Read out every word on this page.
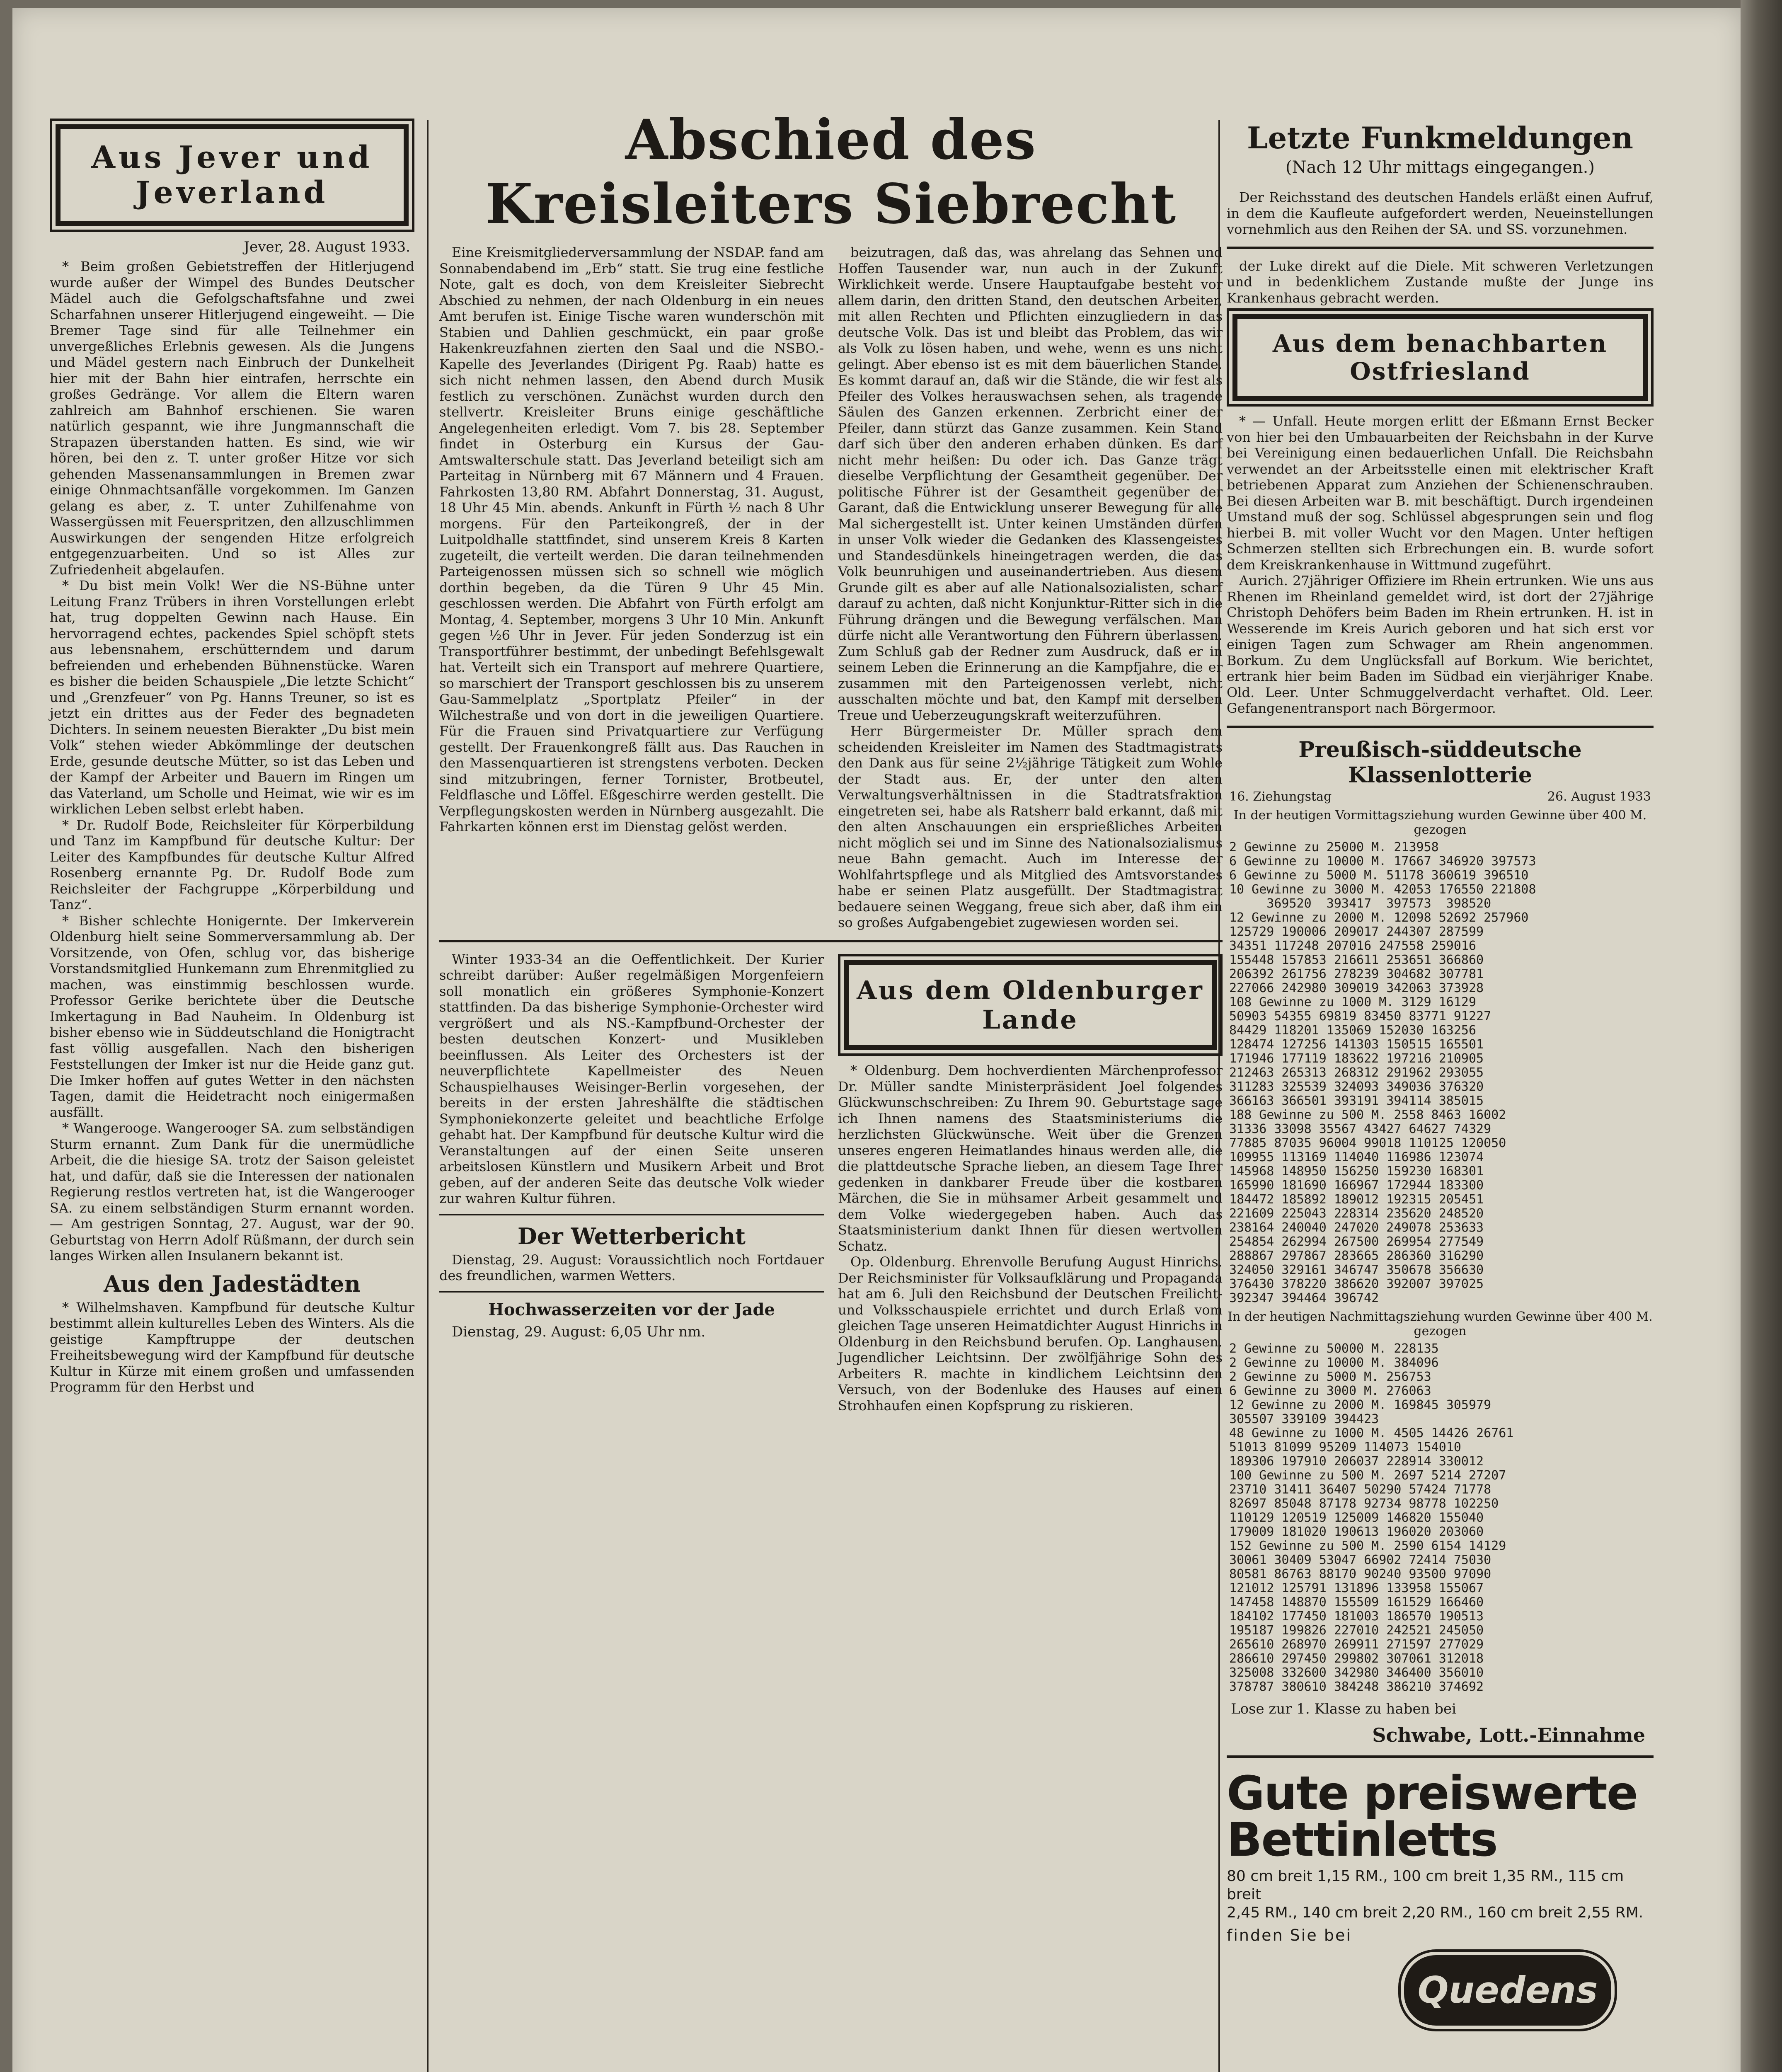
Aus Jever und Jeverland
Jever, 28. August 1933.

* Beim großen Gebietstreffen der Hitlerjugend wurde außer der Wimpel des Bundes Deutscher Mädel auch die Gefolgschaftsfahne und zwei Scharfahnen unserer Hitlerjugend eingeweiht. — Die Bremer Tage sind für alle Teilnehmer ein unvergeßliches Erlebnis gewesen. Als die Jungens und Mädel gestern nach Einbruch der Dunkelheit hier mit der Bahn hier eintrafen, herrschte ein großes Gedränge. Vor allem die Eltern waren zahlreich am Bahnhof erschienen. Sie waren natürlich gespannt, wie ihre Jungmannschaft die Strapazen überstanden hatten. Es sind, wie wir hören, bei den z. T. unter großer Hitze vor sich gehenden Massenansammlungen in Bremen zwar einige Ohnmachtsanfälle vorgekommen. Im Ganzen gelang es aber, z. T. unter Zuhilfenahme von Wassergüssen mit Feuerspritzen, den allzuschlimmen Auswirkungen der sengenden Hitze erfolgreich entgegenzuarbeiten. Und so ist Alles zur Zufriedenheit abgelaufen.

* Du bist mein Volk! Wer die NS-Bühne unter Leitung Franz Trübers in ihren Vorstellungen erlebt hat, trug doppelten Gewinn nach Hause. Ein hervorragend echtes, packendes Spiel schöpft stets aus lebensnahem, erschütterndem und darum befreienden und erhebenden Bühnenstücke. Waren es bisher die beiden Schauspiele „Die letzte Schicht“ und „Grenzfeuer“ von Pg. Hanns Treuner, so ist es jetzt ein drittes aus der Feder des begnadeten Dichters. In seinem neuesten Bierakter „Du bist mein Volk“ stehen wieder Abkömmlinge der deutschen Erde, gesunde deutsche Mütter, so ist das Leben und der Kampf der Arbeiter und Bauern im Ringen um das Vaterland, um Scholle und Heimat, wie wir es im wirklichen Leben selbst erlebt haben.

* Dr. Rudolf Bode, Reichsleiter für Körperbildung und Tanz im Kampfbund für deutsche Kultur: Der Leiter des Kampfbundes für deutsche Kultur Alfred Rosenberg ernannte Pg. Dr. Rudolf Bode zum Reichsleiter der Fachgruppe „Körperbildung und Tanz“.

* Bisher schlechte Honigernte. Der Imkerverein Oldenburg hielt seine Sommerversammlung ab. Der Vorsitzende, von Ofen, schlug vor, das bisherige Vorstandsmitglied Hunkemann zum Ehrenmitglied zu machen, was einstimmig beschlossen wurde. Professor Gerike berichtete über die Deutsche Imkertagung in Bad Nauheim. In Oldenburg ist bisher ebenso wie in Süddeutschland die Honigtracht fast völlig ausgefallen. Nach den bisherigen Feststellungen der Imker ist nur die Heide ganz gut. Die Imker hoffen auf gutes Wetter in den nächsten Tagen, damit die Heidetracht noch einigermaßen ausfällt.

* Wangerooge. Wangerooger SA. zum selbständigen Sturm ernannt. Zum Dank für die unermüdliche Arbeit, die die hiesige SA. trotz der Saison geleistet hat, und dafür, daß sie die Interessen der nationalen Regierung restlos vertreten hat, ist die Wangerooger SA. zu einem selbständigen Sturm ernannt worden. — Am gestrigen Sonntag, 27. August, war der 90. Geburtstag von Herrn Adolf Rüßmann, der durch sein langes Wirken allen Insulanern bekannt ist.

Aus den Jadestädten

* Wilhelmshaven. Kampfbund für deutsche Kultur bestimmt allein kulturelles Leben des Winters. Als die geistige Kampftruppe der deutschen Freiheitsbewegung wird der Kampfbund für deutsche Kultur in Kürze mit einem großen und umfassenden Programm für den Herbst und

Abschied des Kreisleiters Siebrecht

Eine Kreismitgliederversammlung der NSDAP. fand am Sonnabendabend im „Erb“ statt. Sie trug eine festliche Note, galt es doch, von dem Kreisleiter Siebrecht Abschied zu nehmen, der nach Oldenburg in ein neues Amt berufen ist. Einige Tische waren wunderschön mit Stabien und Dahlien geschmückt, ein paar große Hakenkreuzfahnen zierten den Saal und die NSBO.-Kapelle des Jeverlandes (Dirigent Pg. Raab) hatte es sich nicht nehmen lassen, den Abend durch Musik festlich zu verschönen. Zunächst wurden durch den stellvertr. Kreisleiter Bruns einige geschäftliche Angelegenheiten erledigt. Vom 7. bis 28. September findet in Osterburg ein Kursus der Gau-Amtswalterschule statt. Das Jeverland beteiligt sich am Parteitag in Nürnberg mit 67 Männern und 4 Frauen. Fahrkosten 13,80 RM. Abfahrt Donnerstag, 31. August, 18 Uhr 45 Min. abends. Ankunft in Fürth ½ nach 8 Uhr morgens. Für den Parteikongreß, der in der Luitpoldhalle stattfindet, sind unserem Kreis 8 Karten zugeteilt, die verteilt werden. Die daran teilnehmenden Parteigenossen müssen sich so schnell wie möglich dorthin begeben, da die Türen 9 Uhr 45 Min. geschlossen werden. Die Abfahrt von Fürth erfolgt am Montag, 4. September, morgens 3 Uhr 10 Min. Ankunft gegen ½6 Uhr in Jever. Für jeden Sonderzug ist ein Transportführer bestimmt, der unbedingt Befehlsgewalt hat. Verteilt sich ein Transport auf mehrere Quartiere, so marschiert der Transport geschlossen bis zu unserem Gau-Sammelplatz „Sportplatz Pfeiler“ in der Wilchestraße und von dort in die jeweiligen Quartiere. Für die Frauen sind Privatquartiere zur Verfügung gestellt. Der Frauenkongreß fällt aus. Das Rauchen in den Massenquartieren ist strengstens verboten. Decken sind mitzubringen, ferner Tornister, Brotbeutel, Feldflasche und Löffel. Eßgeschirre werden gestellt. Die Verpflegungskosten werden in Nürnberg ausgezahlt. Die Fahrkarten können erst im Dienstag gelöst werden.

beizutragen, daß das, was ahrelang das Sehnen und Hoffen Tausender war, nun auch in der Zukunft Wirklichkeit werde. Unsere Hauptaufgabe besteht vor allem darin, den dritten Stand, den deutschen Arbeiter, mit allen Rechten und Pflichten einzugliedern in das deutsche Volk. Das ist und bleibt das Problem, das wir als Volk zu lösen haben, und wehe, wenn es uns nicht gelingt. Aber ebenso ist es mit dem bäuerlichen Stande. Es kommt darauf an, daß wir die Stände, die wir fest als Pfeiler des Volkes herauswachsen sehen, als tragende Säulen des Ganzen erkennen. Zerbricht einer der Pfeiler, dann stürzt das Ganze zusammen. Kein Stand darf sich über den anderen erhaben dünken. Es darf nicht mehr heißen: Du oder ich. Das Ganze trägt dieselbe Verpflichtung der Gesamtheit gegenüber. Der politische Führer ist der Gesamtheit gegenüber der Garant, daß die Entwicklung unserer Bewegung für alle Mal sichergestellt ist. Unter keinen Umständen dürfen in unser Volk wieder die Gedanken des Klassengeistes und Standesdünkels hineingetragen werden, die das Volk beunruhigen und auseinandertrieben. Aus diesem Grunde gilt es aber auf alle Nationalsozialisten, scharf darauf zu achten, daß nicht Konjunktur-Ritter sich in die Führung drängen und die Bewegung verfälschen. Man dürfe nicht alle Verantwortung den Führern überlassen. Zum Schluß gab der Redner zum Ausdruck, daß er in seinem Leben die Erinnerung an die Kampfjahre, die er zusammen mit den Parteigenossen verlebt, nicht ausschalten möchte und bat, den Kampf mit derselben Treue und Ueberzeugungskraft weiterzuführen.

Herr Bürgermeister Dr. Müller sprach dem scheidenden Kreisleiter im Namen des Stadtmagistrats den Dank aus für seine 2½jährige Tätigkeit zum Wohle der Stadt aus. Er, der unter den alten Verwaltungsverhältnissen in die Stadtratsfraktion eingetreten sei, habe als Ratsherr bald erkannt, daß mit den alten Anschauungen ein ersprießliches Arbeiten nicht möglich sei und im Sinne des Nationalsozialismus neue Bahn gemacht. Auch im Interesse der Wohlfahrtspflege und als Mitglied des Amtsvorstandes habe er seinen Platz ausgefüllt. Der Stadtmagistrat bedauere seinen Weggang, freue sich aber, daß ihm ein so großes Aufgabengebiet zugewiesen worden sei.

Winter 1933-34 an die Oeffentlichkeit. Der Kurier schreibt darüber: Außer regelmäßigen Morgenfeiern soll monatlich ein größeres Symphonie-Konzert stattfinden. Da das bisherige Symphonie-Orchester wird vergrößert und als NS.-Kampfbund-Orchester der besten deutschen Konzert- und Musikleben beeinflussen. Als Leiter des Orchesters ist der neuverpflichtete Kapellmeister des Neuen Schauspielhauses Weisinger-Berlin vorgesehen, der bereits in der ersten Jahreshälfte die städtischen Symphoniekonzerte geleitet und beachtliche Erfolge gehabt hat. Der Kampfbund für deutsche Kultur wird die Veranstaltungen auf der einen Seite unseren arbeitslosen Künstlern und Musikern Arbeit und Brot geben, auf der anderen Seite das deutsche Volk wieder zur wahren Kultur führen.

Der Wetterbericht

Dienstag, 29. August: Voraussichtlich noch Fortdauer des freundlichen, warmen Wetters.

Hochwasserzeiten vor der Jade
Dienstag, 29. August: 6,05 Uhr nm.
Aus dem Oldenburger Lande

* Oldenburg. Dem hochverdienten Märchenprofessor Dr. Müller sandte Ministerpräsident Joel folgendes Glückwunschschreiben: Zu Ihrem 90. Geburtstage sage ich Ihnen namens des Staatsministeriums die herzlichsten Glückwünsche. Weit über die Grenzen unseres engeren Heimatlandes hinaus werden alle, die die plattdeutsche Sprache lieben, an diesem Tage Ihrer gedenken in dankbarer Freude über die kostbaren Märchen, die Sie in mühsamer Arbeit gesammelt und dem Volke wiedergegeben haben. Auch das Staatsministerium dankt Ihnen für diesen wertvollen Schatz.

Op. Oldenburg. Ehrenvolle Berufung August Hinrichs. Der Reichsminister für Volksaufklärung und Propaganda hat am 6. Juli den Reichsbund der Deutschen Freilicht- und Volksschauspiele errichtet und durch Erlaß vom gleichen Tage unseren Heimatdichter August Hinrichs in Oldenburg in den Reichsbund berufen. Op. Langhausen. Jugendlicher Leichtsinn. Der zwölfjährige Sohn des Arbeiters R. machte in kindlichem Leichtsinn den Versuch, von der Bodenluke des Hauses auf einen Strohhaufen einen Kopfsprung zu riskieren.

Letzte Funkmeldungen
(Nach 12 Uhr mittags eingegangen.)

Der Reichsstand des deutschen Handels erläßt einen Aufruf, in dem die Kaufleute aufgefordert werden, Neueinstellungen vornehmlich aus den Reihen der SA. und SS. vorzunehmen.

der Luke direkt auf die Diele. Mit schweren Verletzungen und in bedenklichem Zustande mußte der Junge ins Krankenhaus gebracht werden.

Aus dem benachbarten Ostfriesland

* — Unfall. Heute morgen erlitt der Eßmann Ernst Becker von hier bei den Umbauarbeiten der Reichsbahn in der Kurve bei Vereinigung einen bedauerlichen Unfall. Die Reichsbahn verwendet an der Arbeitsstelle einen mit elektrischer Kraft betriebenen Apparat zum Anziehen der Schienenschrauben. Bei diesen Arbeiten war B. mit beschäftigt. Durch irgendeinen Umstand muß der sog. Schlüssel abgesprungen sein und flog hierbei B. mit voller Wucht vor den Magen. Unter heftigen Schmerzen stellten sich Erbrechungen ein. B. wurde sofort dem Kreiskrankenhause in Wittmund zugeführt.

Aurich. 27jähriger Offiziere im Rhein ertrunken. Wie uns aus Rhenen im Rheinland gemeldet wird, ist dort der 27jährige Christoph Dehöfers beim Baden im Rhein ertrunken. H. ist in Wesserende im Kreis Aurich geboren und hat sich erst vor einigen Tagen zum Schwager am Rhein angenommen. Borkum. Zu dem Unglücksfall auf Borkum. Wie berichtet, ertrank hier beim Baden im Südbad ein vierjähriger Knabe. Old. Leer. Unter Schmuggelverdacht verhaftet. Old. Leer. Gefangenentransport nach Börgermoor.

Preußisch-süddeutsche Klassenlotterie
16. Ziehungstag	26. August 1933
In der heutigen Vormittagsziehung wurden Gewinne über 400 M. gezogen
2 Gewinne zu 25000 M. 213958
6 Gewinne zu 10000 M. 17667 346920 397573
6 Gewinne zu 5000 M. 51178 360619 396510
10 Gewinne zu 3000 M. 42053 176550 221808
369520  393417  397573  398520
12 Gewinne zu 2000 M. 12098 52692 257960
125729 190006 209017 244307 287599
34351 117248 207016 247558 259016
155448 157853 216611 253651 366860
206392 261756 278239 304682 307781
227066 242980 309019 342063 373928
108 Gewinne zu 1000 M. 3129 16129
50903 54355 69819 83450 83771 91227
84429 118201 135069 152030 163256
128474 127256 141303 150515 165501
171946 177119 183622 197216 210905
212463 265313 268312 291962 293055
311283 325539 324093 349036 376320
366163 366501 393191 394114 385015
188 Gewinne zu 500 M. 2558 8463 16002
31336 33098 35567 43427 64627 74329
77885 87035 96004 99018 110125 120050
109955 113169 114040 116986 123074
145968 148950 156250 159230 168301
165990 181690 166967 172944 183300
184472 185892 189012 192315 205451
221609 225043 228314 235620 248520
238164 240040 247020 249078 253633
254854 262994 267500 269954 277549
288867 297867 283665 286360 316290
324050 329161 346747 350678 356630
376430 378220 386620 392007 397025
392347 394464 396742
In der heutigen Nachmittagsziehung wurden Gewinne über 400 M. gezogen
2 Gewinne zu 50000 M. 228135
2 Gewinne zu 10000 M. 384096
2 Gewinne zu 5000 M. 256753
6 Gewinne zu 3000 M. 276063
12 Gewinne zu 2000 M. 169845 305979
305507 339109 394423
48 Gewinne zu 1000 M. 4505 14426 26761
51013 81099 95209 114073 154010
189306 197910 206037 228914 330012
100 Gewinne zu 500 M. 2697 5214 27207
23710 31411 36407 50290 57424 71778
82697 85048 87178 92734 98778 102250
110129 120519 125009 146820 155040
179009 181020 190613 196020 203060
152 Gewinne zu 500 M. 2590 6154 14129
30061 30409 53047 66902 72414 75030
80581 86763 88170 90240 93500 97090
121012 125791 131896 133958 155067
147458 148870 155509 161529 166460
184102 177450 181003 186570 190513
195187 199826 227010 242521 245050
265610 268970 269911 271597 277029
286610 297450 299802 307061 312018
325008 332600 342980 346400 356010
378787 380610 384248 386210 374692
Lose zur 1. Klasse zu haben bei
Schwabe, Lott.-Einnahme
Gute preiswerte Bettinletts
80 cm breit 1,15 RM., 100 cm breit 1,35 RM., 115 cm breit
2,45 RM., 140 cm breit 2,20 RM., 160 cm breit 2,55 RM.
finden Sie bei
Quedens
